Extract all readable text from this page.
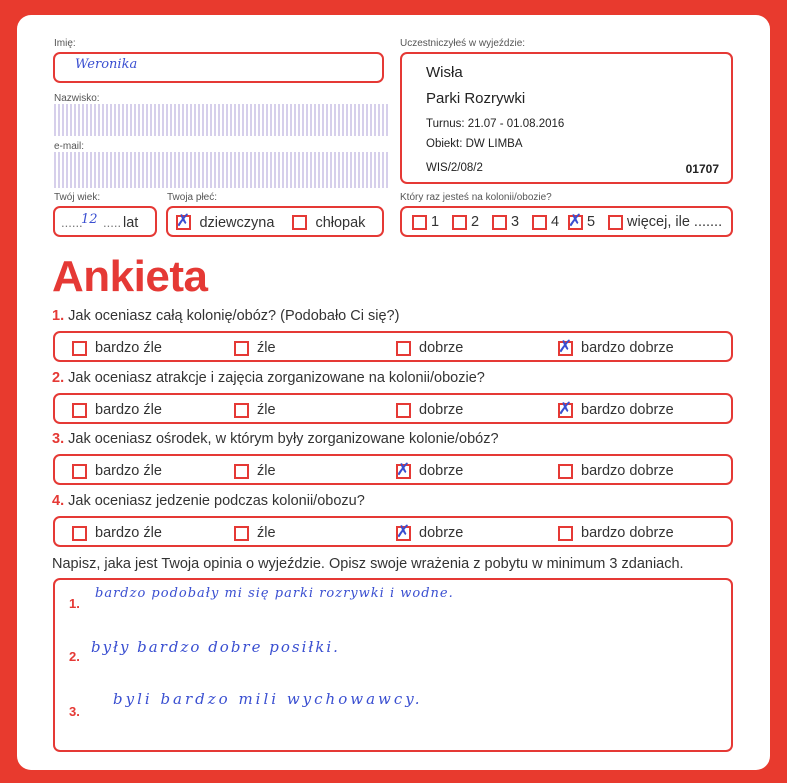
Imię:
Weronika
Nazwisko:
e-mail:
Uczestniczyłeś w wyjeździe:
Wisła
Parki Rozrywki
Turnus: 21.07 - 01.08.2016
Obiekt: DW LIMBA
WIS/2/08/2	01707
Twój wiek:
......
12 ..... lat
Twoja płeć:
✗ dziewczyna	chłopak
Który raz jesteś na kolonii/obozie?
1	2	3	4 ✗ 5	więcej, ile .......
Ankieta
1. Jak oceniasz całą kolonię/obóz? (Podobało Ci się?)
bardzo źle	źle	dobrze	✗ bardzo dobrze
2. Jak oceniasz atrakcje i zajęcia zorganizowane na kolonii/obozie?
bardzo źle	źle	dobrze	✗ bardzo dobrze
3. Jak oceniasz ośrodek, w którym były zorganizowane kolonie/obóz?
bardzo źle	źle	✗ dobrze	bardzo dobrze
4. Jak oceniasz jedzenie podczas kolonii/obozu?
bardzo źle	źle	✗ dobrze	bardzo dobrze
Napisz, jaka jest Twoja opinia o wyjeździe. Opisz swoje wrażenia z pobytu w minimum 3 zdaniach.
1.
bardzo podobały mi się parki rozrywki i wodne.
2.
były bardzo dobre posiłki.
3.
byli bardzo mili wychowawcy.
